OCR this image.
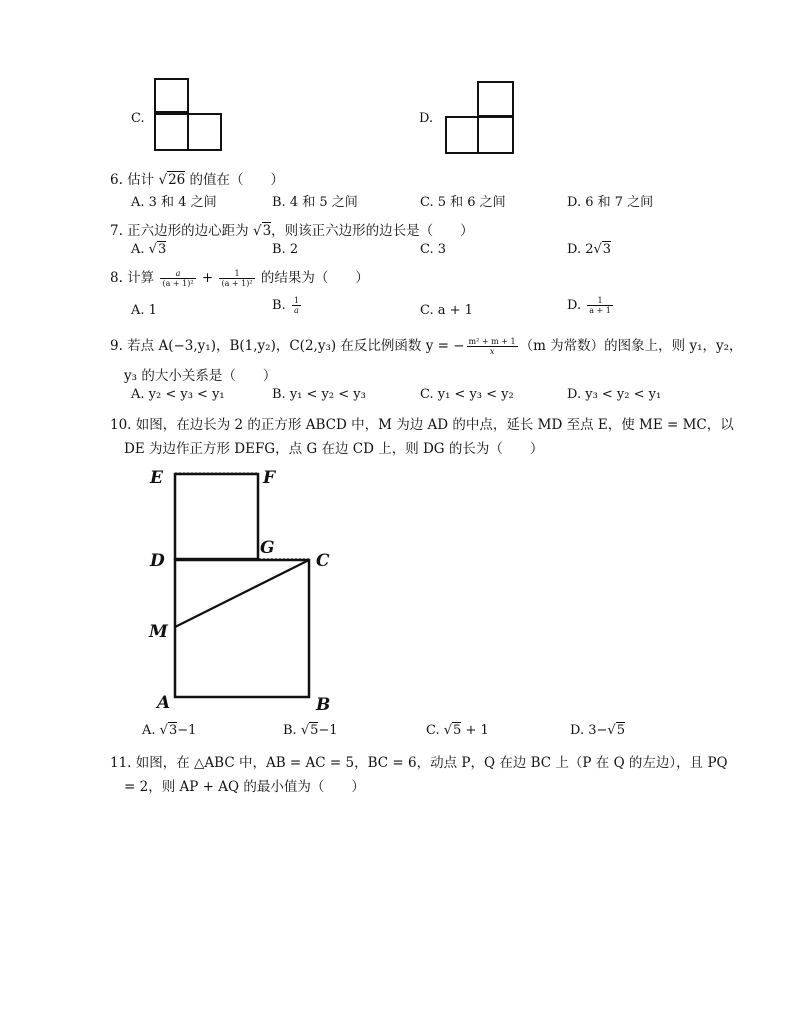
C.	D.
6. 估计 √26 的值在（　　）
A. 3 和 4 之间	B. 4 和 5 之间	C. 5 和 6 之间	D. 6 和 7 之间
7. 正六边形的边心距为 √3，则该正六边形的边长是（　　）
A. √3	B. 2	C. 3	D. 2√3
8. 计算 $\frac{a}{\text{(a + 1)²}} + \frac{1}{\text{(a + 1)²}}$ 的结果为（　　）
A. 1	B. $\frac{1}{a}$	C. a + 1	D. $\frac{1}{a + 1}$
9. 若点 A(−3,y₁)，B(1,y₂)，C(2,y₃) 在反比例函数 y = − $\frac{\text{m² + m + 1}}{x} (m$ 为常数）的图象上，则 y₁，y₂，
y₃ 的大小关系是（　　）
A. y₂ < y₃ < y₁	B. y₁ < y₂ < y₃	C. y₁ < y₃ < y₂	D. y₃ < y₂ < y₁
10. 如图，在边长为 2 的正方形 ABCD 中，M 为边 AD 的中点，延长 MD 至点 E，使 ME = MC，以
DE 为边作正方形 DEFG，点 G 在边 CD 上，则 DG 的长为（　　）
E	F
D
G
C
M
A	B
A. √3−1	B. √5−1	C. √5 + 1	D. 3−√5
11. 如图，在 △ABC 中，AB = AC = 5，BC = 6，动点 P，Q 在边 BC 上（P 在 Q 的左边），且 PQ
= 2，则 AP + AQ 的最小值为（　　）
